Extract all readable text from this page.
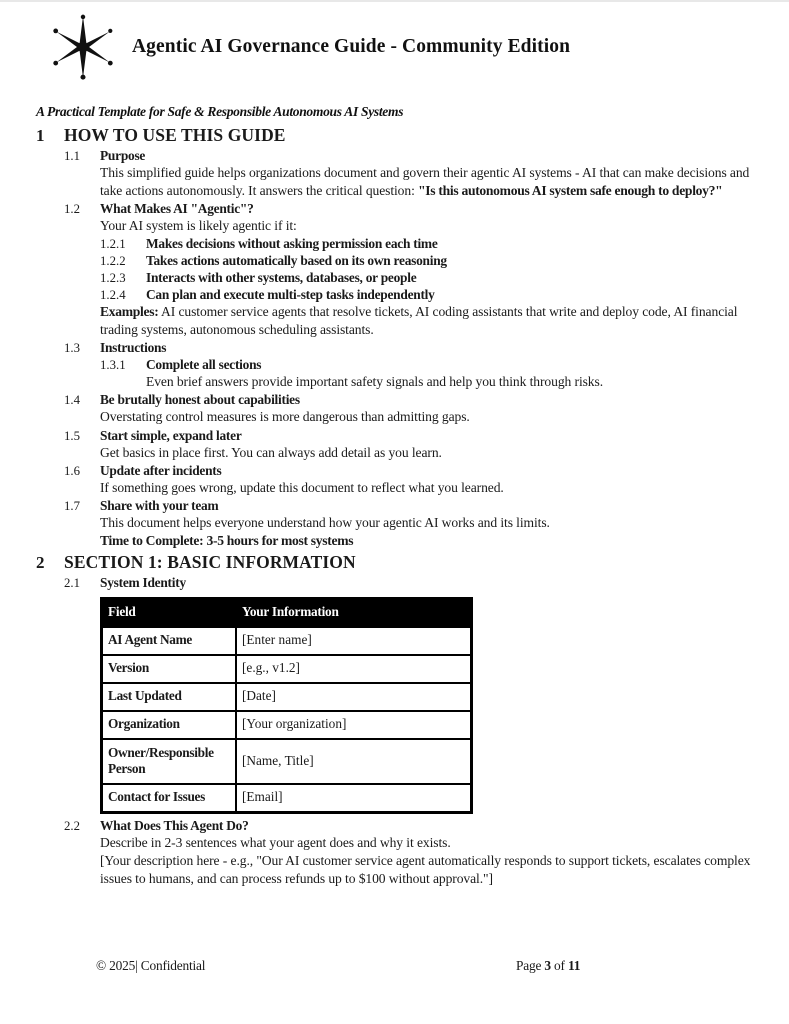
Agentic AI Governance Guide - Community Edition
A Practical Template for Safe & Responsible Autonomous AI Systems
1	HOW TO USE THIS GUIDE
1.1	Purpose
This simplified guide helps organizations document and govern their agentic AI systems - AI that can make decisions and take actions autonomously. It answers the critical question: "Is this autonomous AI system safe enough to deploy?"
1.2	What Makes AI "Agentic"?
Your AI system is likely agentic if it:
1.2.1	Makes decisions without asking permission each time
1.2.2	Takes actions automatically based on its own reasoning
1.2.3	Interacts with other systems, databases, or people
1.2.4	Can plan and execute multi-step tasks independently
Examples: AI customer service agents that resolve tickets, AI coding assistants that write and deploy code, AI financial trading systems, autonomous scheduling assistants.
1.3	Instructions
1.3.1	Complete all sections
Even brief answers provide important safety signals and help you think through risks.
1.4	Be brutally honest about capabilities
Overstating control measures is more dangerous than admitting gaps.
1.5	Start simple, expand later
Get basics in place first. You can always add detail as you learn.
1.6	Update after incidents
If something goes wrong, update this document to reflect what you learned.
1.7	Share with your team
This document helps everyone understand how your agentic AI works and its limits.
Time to Complete: 3-5 hours for most systems
2	SECTION 1: BASIC INFORMATION
2.1	System Identity
Field	Your Information
AI Agent Name	[Enter name]
Version	[e.g., v1.2]
Last Updated	[Date]
Organization	[Your organization]
Owner/Responsible Person	[Name, Title]
Contact for Issues	[Email]
2.2	What Does This Agent Do?
Describe in 2-3 sentences what your agent does and why it exists.
[Your description here - e.g., "Our AI customer service agent automatically responds to support tickets, escalates complex issues to humans, and can process refunds up to $100 without approval."]
© 2025| Confidential	Page 3 of 11
